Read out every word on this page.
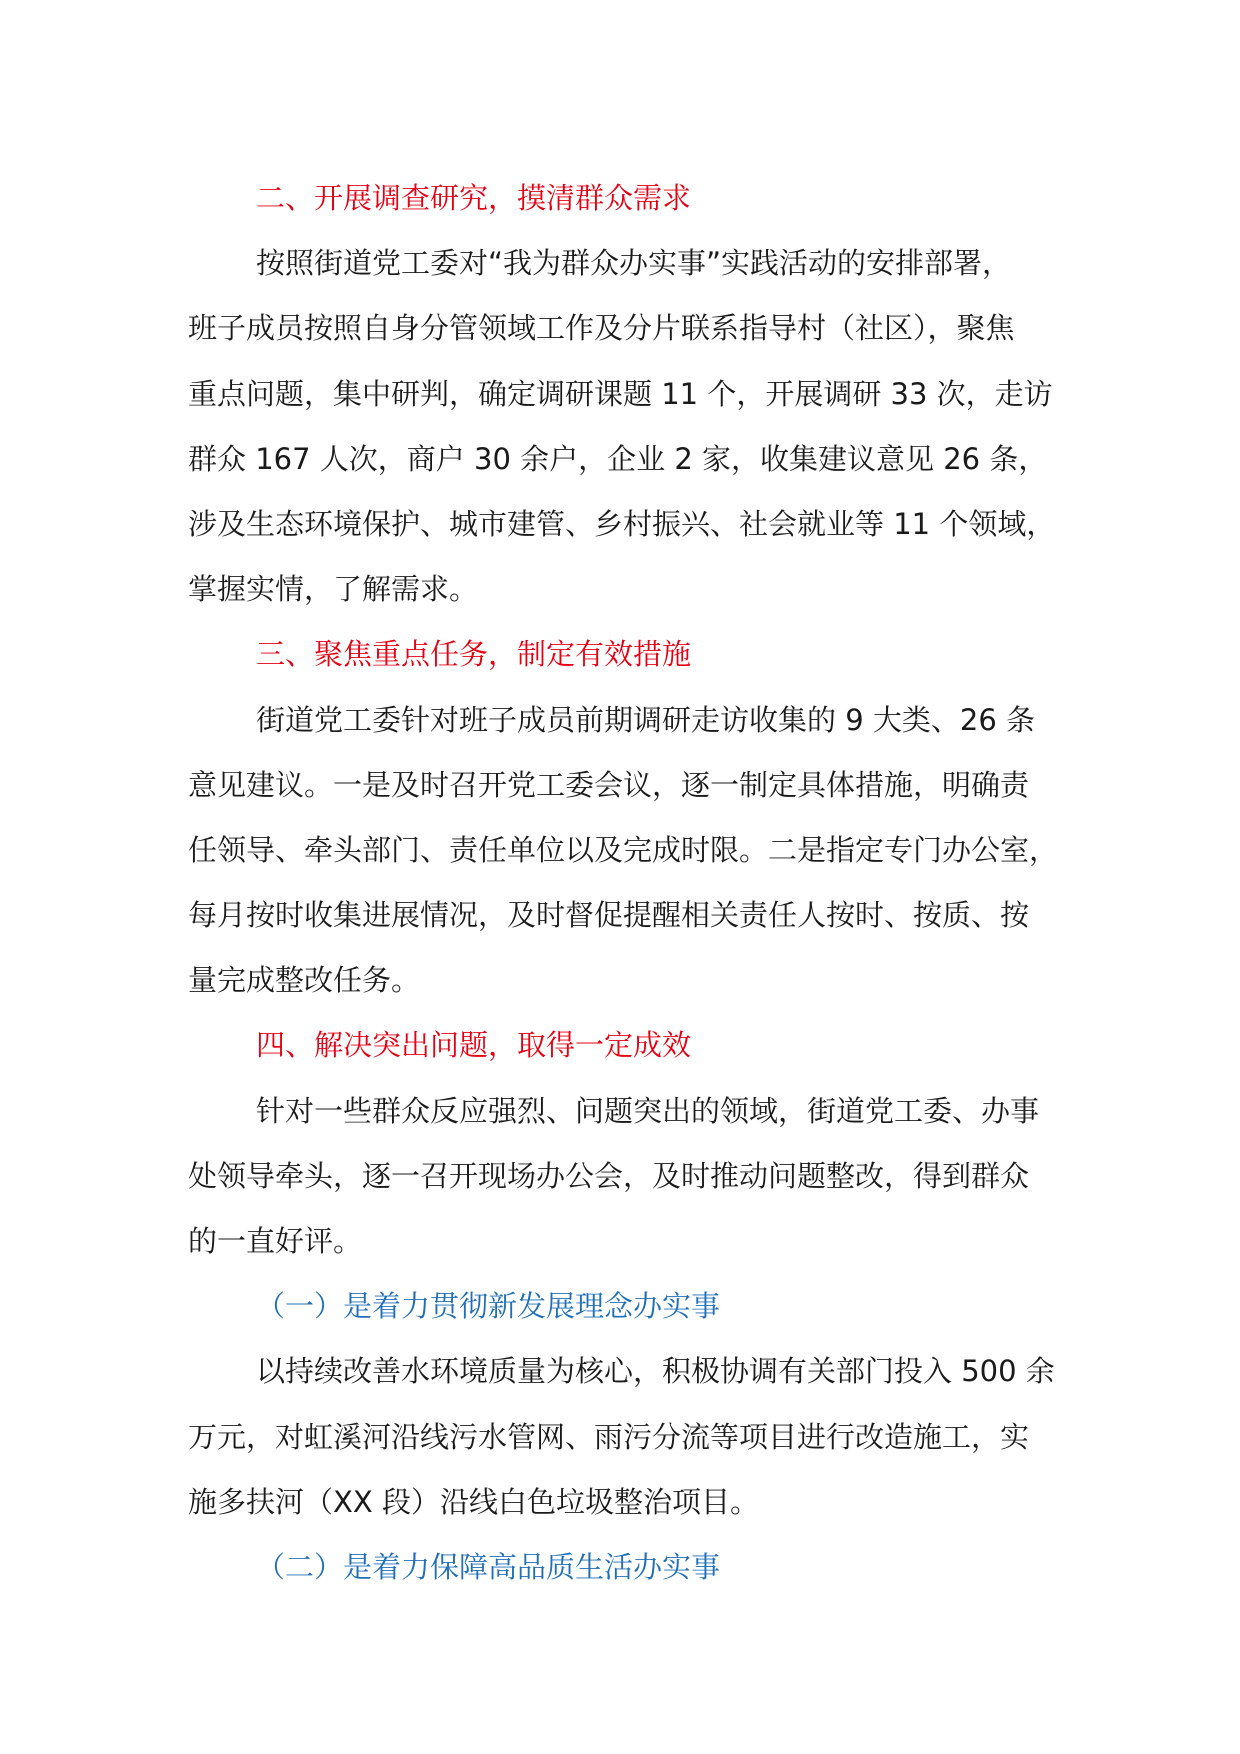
二、开展调查研究，摸清群众需求
按照街道党工委对“我为群众办实事”实践活动的安排部署，
班子成员按照自身分管领域工作及分片联系指导村（社区），聚焦
重点问题，集中研判，确定调研课题 11 个，开展调研 33 次，走访
群众 167 人次，商户 30 余户，企业 2 家，收集建议意见 26 条，
涉及生态环境保护、城市建管、乡村振兴、社会就业等 11 个领域，
掌握实情，了解需求。
三、聚焦重点任务，制定有效措施
街道党工委针对班子成员前期调研走访收集的 9 大类、26 条
意见建议。一是及时召开党工委会议，逐一制定具体措施，明确责
任领导、牵头部门、责任单位以及完成时限。二是指定专门办公室，
每月按时收集进展情况，及时督促提醒相关责任人按时、按质、按
量完成整改任务。
四、解决突出问题，取得一定成效
针对一些群众反应强烈、问题突出的领域，街道党工委、办事
处领导牵头，逐一召开现场办公会，及时推动问题整改，得到群众
的一直好评。
（一）是着力贯彻新发展理念办实事
以持续改善水环境质量为核心，积极协调有关部门投入 500 余
万元，对虹溪河沿线污水管网、雨污分流等项目进行改造施工，实
施多扶河（XX 段）沿线白色垃圾整治项目。
（二）是着力保障高品质生活办实事
